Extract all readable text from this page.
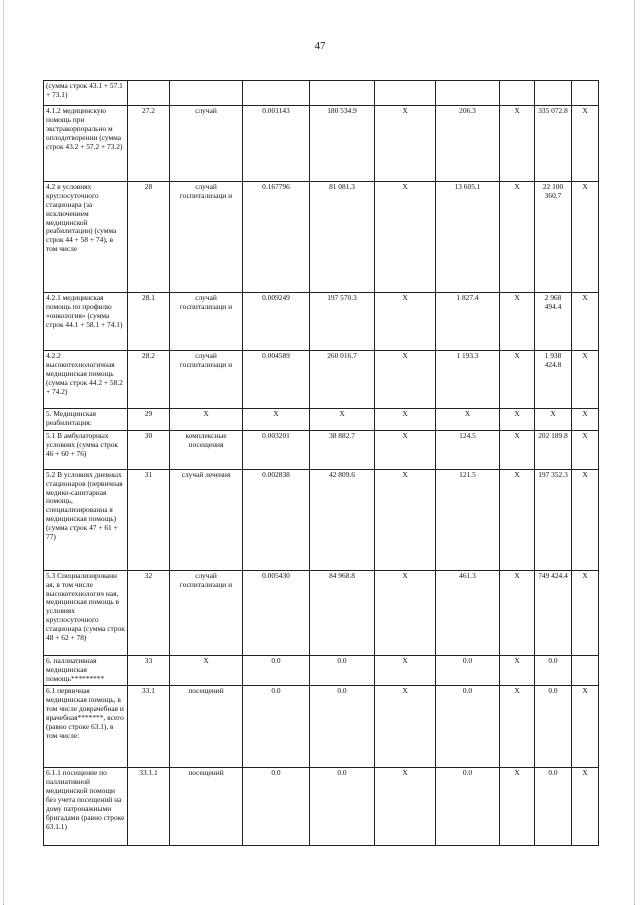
47
(сумма строк 43.1 + 57.1 + 73.1)									
4.1.2 медицинскую помощь при экстракорпорально м оплодотворении (сумма строк 43.2 + 57.2 + 73.2)	27.2	случай	0.001143	180 534.9	X	206.3	X	335 072.8	X
4.2 в условиях круглосуточного стационара (за исключением медицинской реабилитации) (сумма строк 44 + 58 + 74), в том числе	28	случай госпитализаци и	0.167796	81 081.3	X	13 605.1	X	22 100 360.7	X
4.2.1 медицинская помощь по профилю «онкология» (сумма строк 44.1 + 58.1 + 74.1)	28.1	случай госпитализаци и	0.009249	197 570.3	X	1 827.4	X	2 968 494.4	X
4.2.2 высокотехнологичная медицинская помощь (сумма строк 44.2 + 58.2 + 74.2)	28.2	случай госпитализаци и	0.004589	260 016.7	X	1 193.3	X	1 938 424.8	X
5. Медицинская реабилитация:	29	X	X	X	X	X	X	X	X
5.1 В амбулаторных условиях (сумма строк 46 + 60 + 76)	30	комплексные посещения	0.003201	38 882.7	X	124.5	X	202 189.8	X
5.2 В условиях дневных стационаров (первичная медико-санитарная помощь, специализированна я медицинская помощь) (сумма строк 47 + 61 + 77)	31	случай лечения	0.002838	42 809.6	X	121.5	X	197 352.3	X
5.3 Специализированн ая, в том числе высокотехнологич ная, медицинская помощь в условиях круглосуточного стационара (сумма строк 48 + 62 + 78)	32	случай госпитализаци и	0.005430	84 968.8	X	461.3	X	749 424.4	X
6. паллиативная медицинская помощь*********	33	X	0.0	0.0	X	0.0	X	0.0	
6.1 первичная медицинская помощь, в том числе доврачебная и врачебная*******, всего (равно строке 63.1), в том числе:	33.1	посещений	0.0	0.0	X	0.0	X	0.0	X
6.1.1 посещение по паллиативной медицинской помощи без учета посещений на дому патронажными бригадами (равно строке 63.1.1)	33.1.1	посещений	0.0	0.0	X	0.0	X	0.0	X
